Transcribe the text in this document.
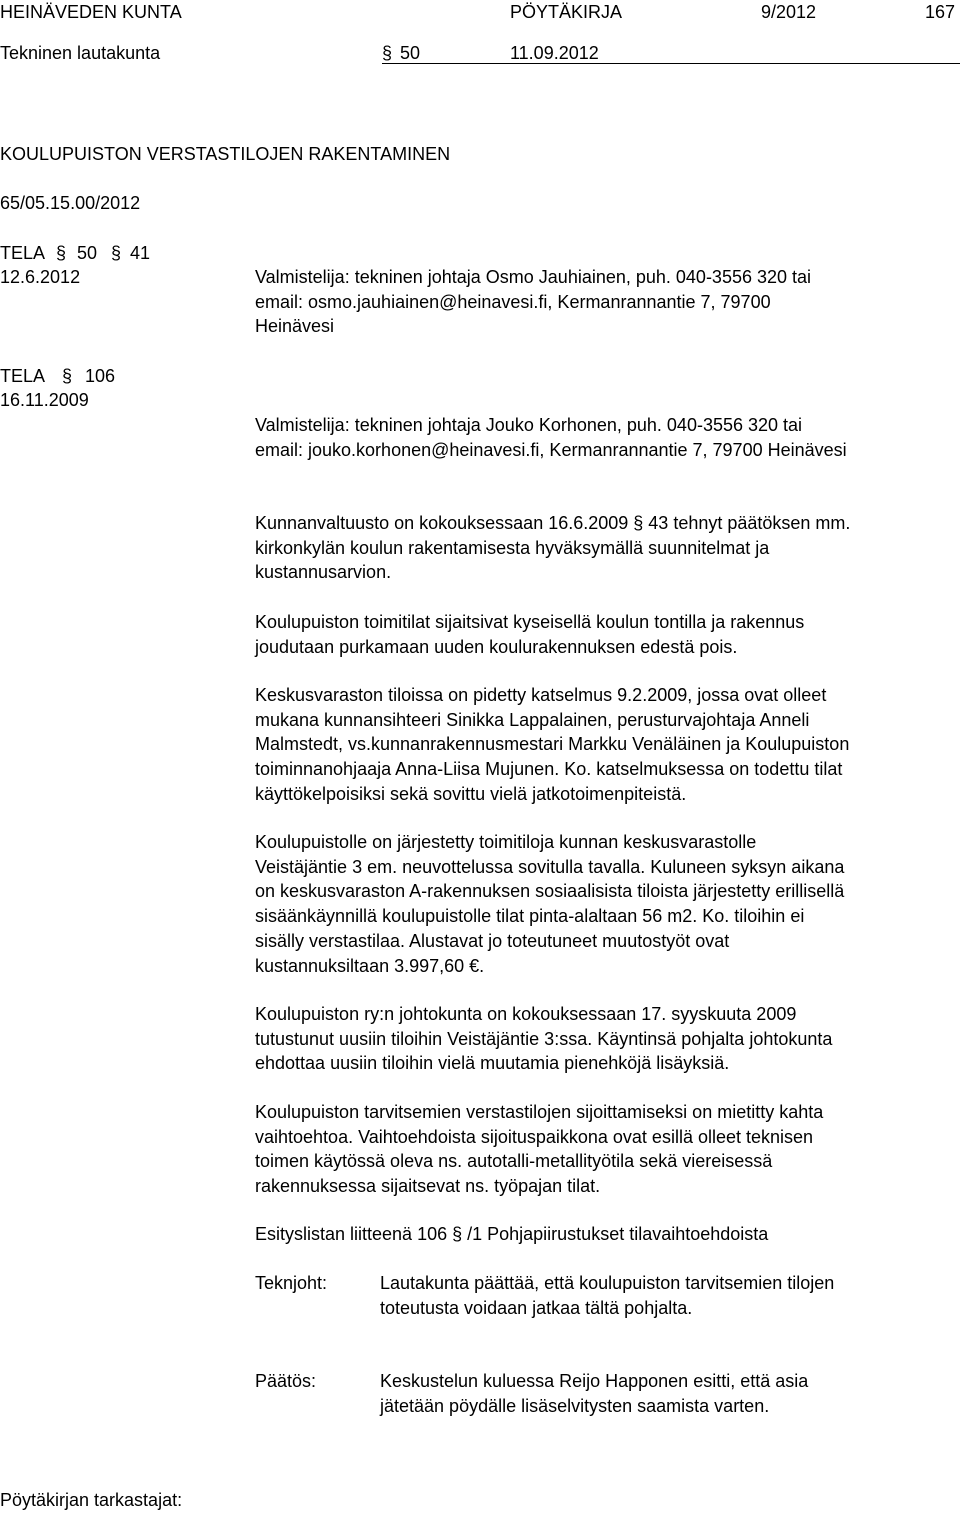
HEINÄVEDEN KUNTA	PÖYTÄKIRJA	9/2012	167
Tekninen lautakunta	§ 50	11.09.2012
KOULUPUISTON VERSTASTILOJEN RAKENTAMINEN
65/05.15.00/2012
TELA § 50 § 41
12.6.2012
TELA § 106
16.11.2009
Valmistelija: tekninen johtaja Osmo Jauhiainen, puh. 040-3556 320 tai
email: osmo.jauhiainen@heinavesi.fi, Kermanrannantie 7, 79700
Heinävesi
Valmistelija: tekninen johtaja Jouko Korhonen, puh. 040-3556 320 tai
email: jouko.korhonen@heinavesi.fi, Kermanrannantie 7, 79700 Heinävesi
Kunnanvaltuusto on kokouksessaan 16.6.2009 § 43 tehnyt päätöksen mm.
kirkonkylän koulun rakentamisesta hyväksymällä suunnitelmat ja
kustannusarvion.
Koulupuiston toimitilat sijaitsivat kyseisellä koulun tontilla ja rakennus
joudutaan purkamaan uuden koulurakennuksen edestä pois.
Keskusvaraston tiloissa on pidetty katselmus 9.2.2009, jossa ovat olleet
mukana kunnansihteeri Sinikka Lappalainen, perusturvajohtaja Anneli
Malmstedt, vs.kunnanrakennusmestari Markku Venäläinen ja Koulupuiston
toiminnanohjaaja Anna-Liisa Mujunen. Ko. katselmuksessa on todettu tilat
käyttökelpoisiksi sekä sovittu vielä jatkotoimenpiteistä.
Koulupuistolle on järjestetty toimitiloja kunnan keskusvarastolle
Veistäjäntie 3 em. neuvottelussa sovitulla tavalla. Kuluneen syksyn aikana
on keskusvaraston A-rakennuksen sosiaalisista tiloista järjestetty erillisellä
sisäänkäynnillä koulupuistolle tilat pinta-alaltaan 56 m2. Ko. tiloihin ei
sisälly verstastilaa. Alustavat jo toteutuneet muutostyöt ovat
kustannuksiltaan 3.997,60 €.
Koulupuiston ry:n johtokunta on kokouksessaan 17. syyskuuta 2009
tutustunut uusiin tiloihin Veistäjäntie 3:ssa. Käyntinsä pohjalta johtokunta
ehdottaa uusiin tiloihin vielä muutamia pienehköjä lisäyksiä.
Koulupuiston tarvitsemien verstastilojen sijoittamiseksi on mietitty kahta
vaihtoehtoa. Vaihtoehdoista sijoituspaikkona ovat esillä olleet teknisen
toimen käytössä oleva ns. autotalli-metallityötila sekä viereisessä
rakennuksessa sijaitsevat ns. työpajan tilat.
Esityslistan liitteenä 106 § /1 Pohjapiirustukset tilavaihtoehdoista
Teknjoht:	Lautakunta päättää, että koulupuiston tarvitsemien tilojen
toteutusta voidaan jatkaa tältä pohjalta.
Päätös:	Keskustelun kuluessa Reijo Happonen esitti, että asia
jätetään pöydälle lisäselvitysten saamista varten.
Pöytäkirjan tarkastajat:
